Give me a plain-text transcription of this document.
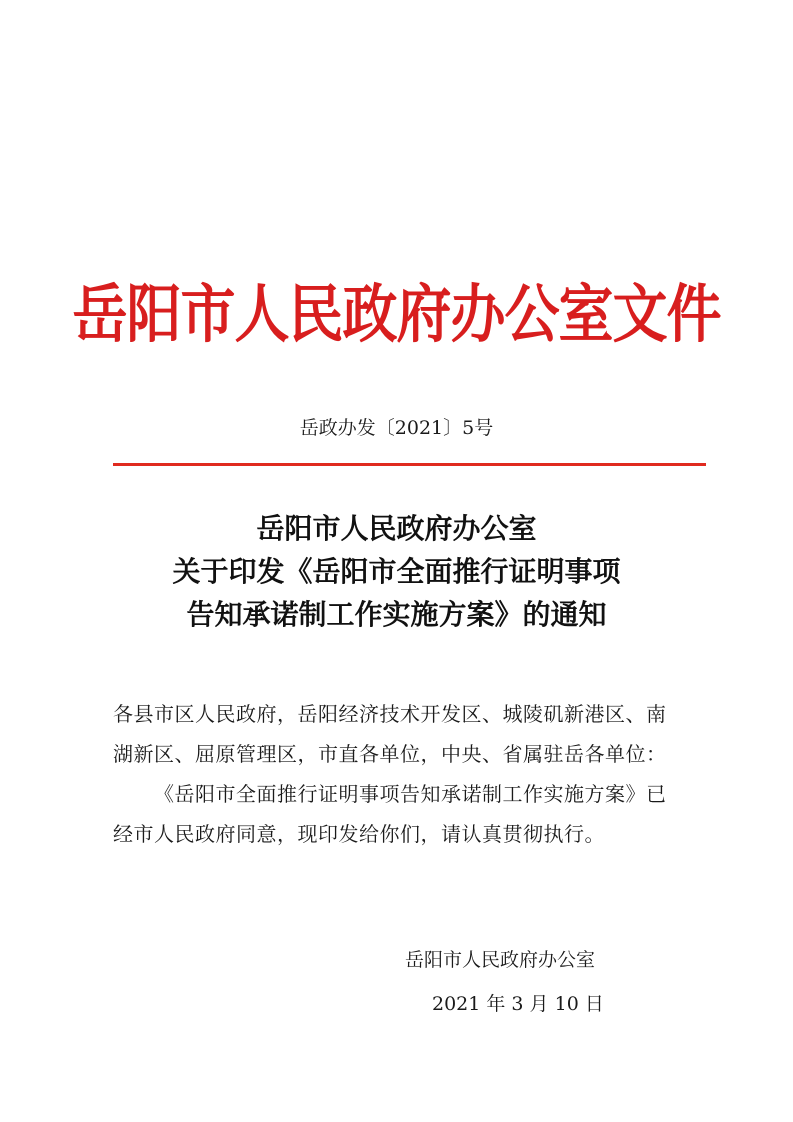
岳阳市人民政府办公室文件
岳政办发〔2021〕5号
岳阳市人民政府办公室
关于印发《岳阳市全面推行证明事项
告知承诺制工作实施方案》的通知

各县市区人民政府，岳阳经济技术开发区、城陵矶新港区、南湖新区、屈原管理区，市直各单位，中央、省属驻岳各单位：

《岳阳市全面推行证明事项告知承诺制工作实施方案》已经市人民政府同意，现印发给你们，请认真贯彻执行。

岳阳市人民政府办公室
2021 年 3 月 10 日
